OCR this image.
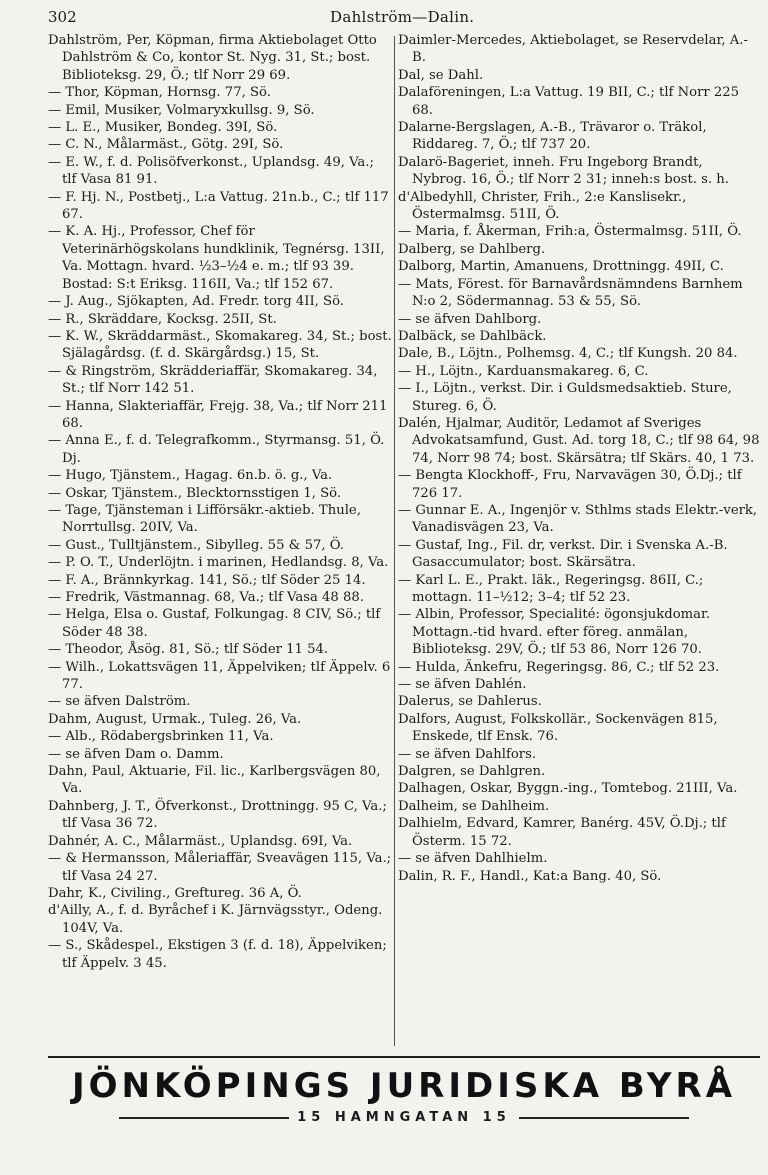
302	Dahlström—Dalin.

Dahlström, Per, Köpman, firma Aktiebolaget Otto Dahlström & Co, kontor St. Nyg. 31, St.; bost. Biblioteksg. 29, Ö.; tlf Norr 29 69.

— Thor, Köpman, Hornsg. 77, Sö.

— Emil, Musiker, Volmaryxkullsg. 9, Sö.

— L. E., Musiker, Bondeg. 39I, Sö.

— C. N., Målarmäst., Götg. 29I, Sö.

— E. W., f. d. Polisöfverkonst., Uplandsg. 49, Va.; tlf Vasa 81 91.

— F. Hj. N., Postbetj., L:a Vattug. 21n.b., C.; tlf 117 67.

— K. A. Hj., Professor, Chef för Veterinärhögskolans hundklinik, Tegnérsg. 13II, Va. Mottagn. hvard. ½3–½4 e. m.; tlf 93 39. Bostad: S:t Eriksg. 116II, Va.; tlf 152 67.

— J. Aug., Sjökapten, Ad. Fredr. torg 4II, Sö.

— R., Skräddare, Kocksg. 25II, St.

— K. W., Skräddarmäst., Skomakareg. 34, St.; bost. Själagårdsg. (f. d. Skärgårdsg.) 15, St.

— & Ringström, Skrädderiaffär, Skomakareg. 34, St.; tlf Norr 142 51.

— Hanna, Slakteriaffär, Frejg. 38, Va.; tlf Norr 211 68.

— Anna E., f. d. Telegrafkomm., Styrmansg. 51, Ö. Dj.

— Hugo, Tjänstem., Hagag. 6n.b. ö. g., Va.

— Oskar, Tjänstem., Blecktornsstigen 1, Sö.

— Tage, Tjänsteman i Lifförsäkr.-aktieb. Thule, Norrtullsg. 20IV, Va.

— Gust., Tulltjänstem., Sibylleg. 55 & 57, Ö.

— P. O. T., Underlöjtn. i marinen, Hedlandsg. 8, Va.

— F. A., Brännkyrkag. 141, Sö.; tlf Söder 25 14.

— Fredrik, Västmannag. 68, Va.; tlf Vasa 48 88.

— Helga, Elsa o. Gustaf, Folkungag. 8 CIV, Sö.; tlf Söder 48 38.

— Theodor, Åsög. 81, Sö.; tlf Söder 11 54.

— Wilh., Lokattsvägen 11, Äppelviken; tlf Äppelv. 6 77.

— se äfven Dalström.

Dahm, August, Urmak., Tuleg. 26, Va.

— Alb., Rödabergsbrinken 11, Va.

— se äfven Dam o. Damm.

Dahn, Paul, Aktuarie, Fil. lic., Karlbergsvägen 80, Va.

Dahnberg, J. T., Öfverkonst., Drottningg. 95 C, Va.; tlf Vasa 36 72.

Dahnér, A. C., Målarmäst., Uplandsg. 69I, Va.

— & Hermansson, Måleriaffär, Sveavägen 115, Va.; tlf Vasa 24 27.

Dahr, K., Civiling., Greftureg. 36 A, Ö.

d'Ailly, A., f. d. Byråchef i K. Järnvägsstyr., Odeng. 104V, Va.

— S., Skådespel., Ekstigen 3 (f. d. 18), Äppelviken; tlf Äppelv. 3 45.

Daimler-Mercedes, Aktiebolaget, se Reservdelar, A.-B.

Dal, se Dahl.

Dalaföreningen, L:a Vattug. 19 BII, C.; tlf Norr 225 68.

Dalarne-Bergslagen, A.-B., Trävaror o. Träkol, Riddareg. 7, Ö.; tlf 737 20.

Dalarö-Bageriet, inneh. Fru Ingeborg Brandt, Nybrog. 16, Ö.; tlf Norr 2 31; inneh:s bost. s. h.

d'Albedyhll, Christer, Frih., 2:e Kanslisekr., Östermalmsg. 51II, Ö.

— Maria, f. Åkerman, Frih:a, Östermalmsg. 51II, Ö.

Dalberg, se Dahlberg.

Dalborg, Martin, Amanuens, Drottningg. 49II, C.

— Mats, Förest. för Barnavårdsnämndens Barnhem N:o 2, Södermannag. 53 & 55, Sö.

— se äfven Dahlborg.

Dalbäck, se Dahlbäck.

Dale, B., Löjtn., Polhemsg. 4, C.; tlf Kungsh. 20 84.

— H., Löjtn., Karduansmakareg. 6, C.

— I., Löjtn., verkst. Dir. i Guldsmedsaktieb. Sture, Stureg. 6, Ö.

Dalén, Hjalmar, Auditör, Ledamot af Sveriges Advokatsamfund, Gust. Ad. torg 18, C.; tlf 98 64, 98 74, Norr 98 74; bost. Skärsätra; tlf Skärs. 40, 1 73.

— Bengta Klockhoff-, Fru, Narvavägen 30, Ö.Dj.; tlf 726 17.

— Gunnar E. A., Ingenjör v. Sthlms stads Elektr.-verk, Vanadisvägen 23, Va.

— Gustaf, Ing., Fil. dr, verkst. Dir. i Svenska A.-B. Gasaccumulator; bost. Skärsätra.

— Karl L. E., Prakt. läk., Regeringsg. 86II, C.; mottagn. 11–½12; 3–4; tlf 52 23.

— Albin, Professor, Specialité: ögonsjukdomar. Mottagn.-tid hvard. efter föreg. anmälan, Biblioteksg. 29V, Ö.; tlf 53 86, Norr 126 70.

— Hulda, Änkefru, Regeringsg. 86, C.; tlf 52 23.

— se äfven Dahlén.

Dalerus, se Dahlerus.

Dalfors, August, Folkskollär., Sockenvägen 815, Enskede, tlf Ensk. 76.

— se äfven Dahlfors.

Dalgren, se Dahlgren.

Dalhagen, Oskar, Byggn.-ing., Tomtebog. 21III, Va.

Dalheim, se Dahlheim.

Dalhielm, Edvard, Kamrer, Banérg. 45V, Ö.Dj.; tlf Österm. 15 72.

— se äfven Dahlhielm.

Dalin, R. F., Handl., Kat:a Bang. 40, Sö.

JÖNKÖPINGS JURIDISKA BYRÅ
15 HAMNGATAN 15
